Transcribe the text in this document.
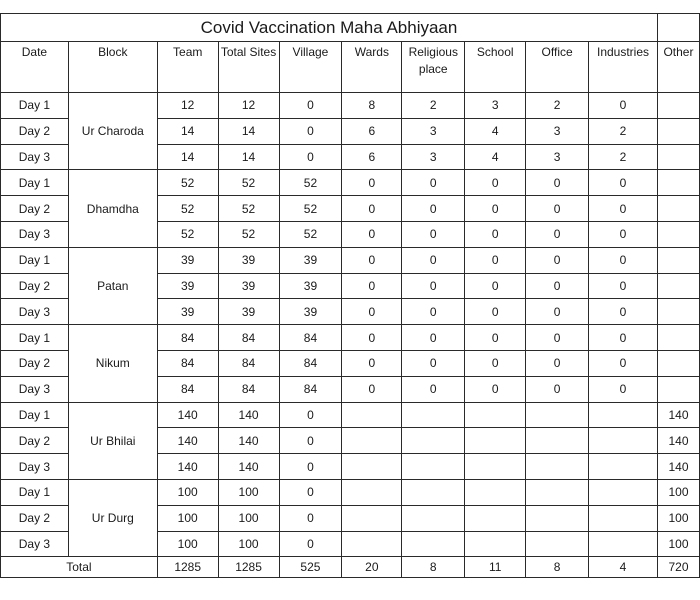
Covid Vaccination Maha Abhiyaan										
Date	Block	Team	Total Sites	Village	Wards	Religious place	School	Office	Industries	Other
Day 1	Ur Charoda	12	12	0	8	2	3	2	0	
Day 2		14	14	0	6	3	4	3	2	
Day 3		14	14	0	6	3	4	3	2	
Day 1	Dhamdha	52	52	52	0	0	0	0	0	
Day 2		52	52	52	0	0	0	0	0	
Day 3		52	52	52	0	0	0	0	0	
Day 1	Patan	39	39	39	0	0	0	0	0	
Day 2		39	39	39	0	0	0	0	0	
Day 3		39	39	39	0	0	0	0	0	
Day 1	Nikum	84	84	84	0	0	0	0	0	
Day 2		84	84	84	0	0	0	0	0	
Day 3		84	84	84	0	0	0	0	0	
Day 1	Ur Bhilai	140	140	0						140
Day 2		140	140	0						140
Day 3		140	140	0						140
Day 1	Ur Durg	100	100	0						100
Day 2		100	100	0						100
Day 3		100	100	0						100
Total		1285	1285	525	20	8	11	8	4	720
